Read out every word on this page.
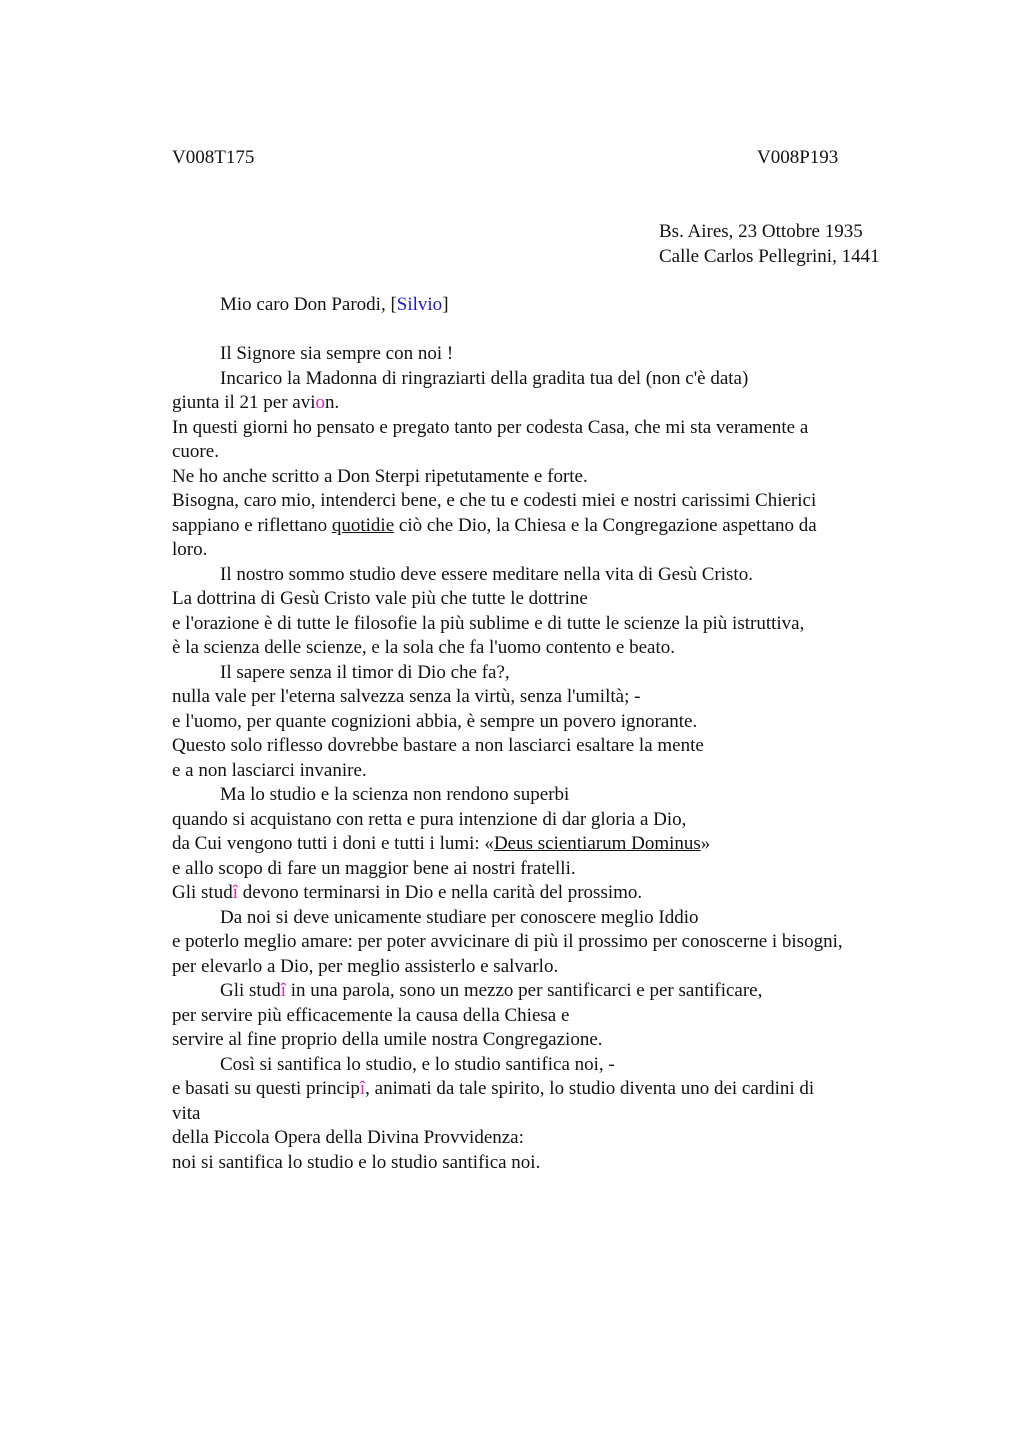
V008T175	V008P193
Bs. Aires, 23 Ottobre 1935
Calle Carlos Pellegrini, 1441
Mio caro Don Parodi, [Silvio]
Il Signore sia sempre con noi !
Incarico la Madonna di ringraziarti della gradita tua del (non c'è data)
giunta il 21 per avion.
In questi giorni ho pensato e pregato tanto per codesta Casa, che mi sta veramente a
cuore.
Ne ho anche scritto a Don Sterpi ripetutamente e forte.
Bisogna, caro mio, intenderci bene, e che tu e codesti miei e nostri carissimi Chierici
sappiano e riflettano quotidie ciò che Dio, la Chiesa e la Congregazione aspettano da
loro.
Il nostro sommo studio deve essere meditare nella vita di Gesù Cristo.
La dottrina di Gesù Cristo vale più che tutte le dottrine
e l'orazione è di tutte le filosofie la più sublime e di tutte le scienze la più istruttiva,
è la scienza delle scienze, e la sola che fa l'uomo contento e beato.
Il sapere senza il timor di Dio che fa?,
nulla vale per l'eterna salvezza senza la virtù, senza l'umiltà; -
e l'uomo, per quante cognizioni abbia, è sempre un povero ignorante.
Questo solo riflesso dovrebbe bastare a non lasciarci esaltare la mente
e a non lasciarci invanire.
Ma lo studio e la scienza non rendono superbi
quando si acquistano con retta e pura intenzione di dar gloria a Dio,
da Cui vengono tutti i doni e tutti i lumi: «Deus scientiarum Dominus»
e allo scopo di fare un maggior bene ai nostri fratelli.
Gli studî devono terminarsi in Dio e nella carità del prossimo.
Da noi si deve unicamente studiare per conoscere meglio Iddio
e poterlo meglio amare: per poter avvicinare di più il prossimo per conoscerne i bisogni,
per elevarlo a Dio, per meglio assisterlo e salvarlo.
Gli studî in una parola, sono un mezzo per santificarci e per santificare,
per servire più efficacemente la causa della Chiesa e
servire al fine proprio della umile nostra Congregazione.
Così si santifica lo studio, e lo studio santifica noi, -
e basati su questi principî, animati da tale spirito, lo studio diventa uno dei cardini di
vita
della Piccola Opera della Divina Provvidenza:
noi si santifica lo studio e lo studio santifica noi.
